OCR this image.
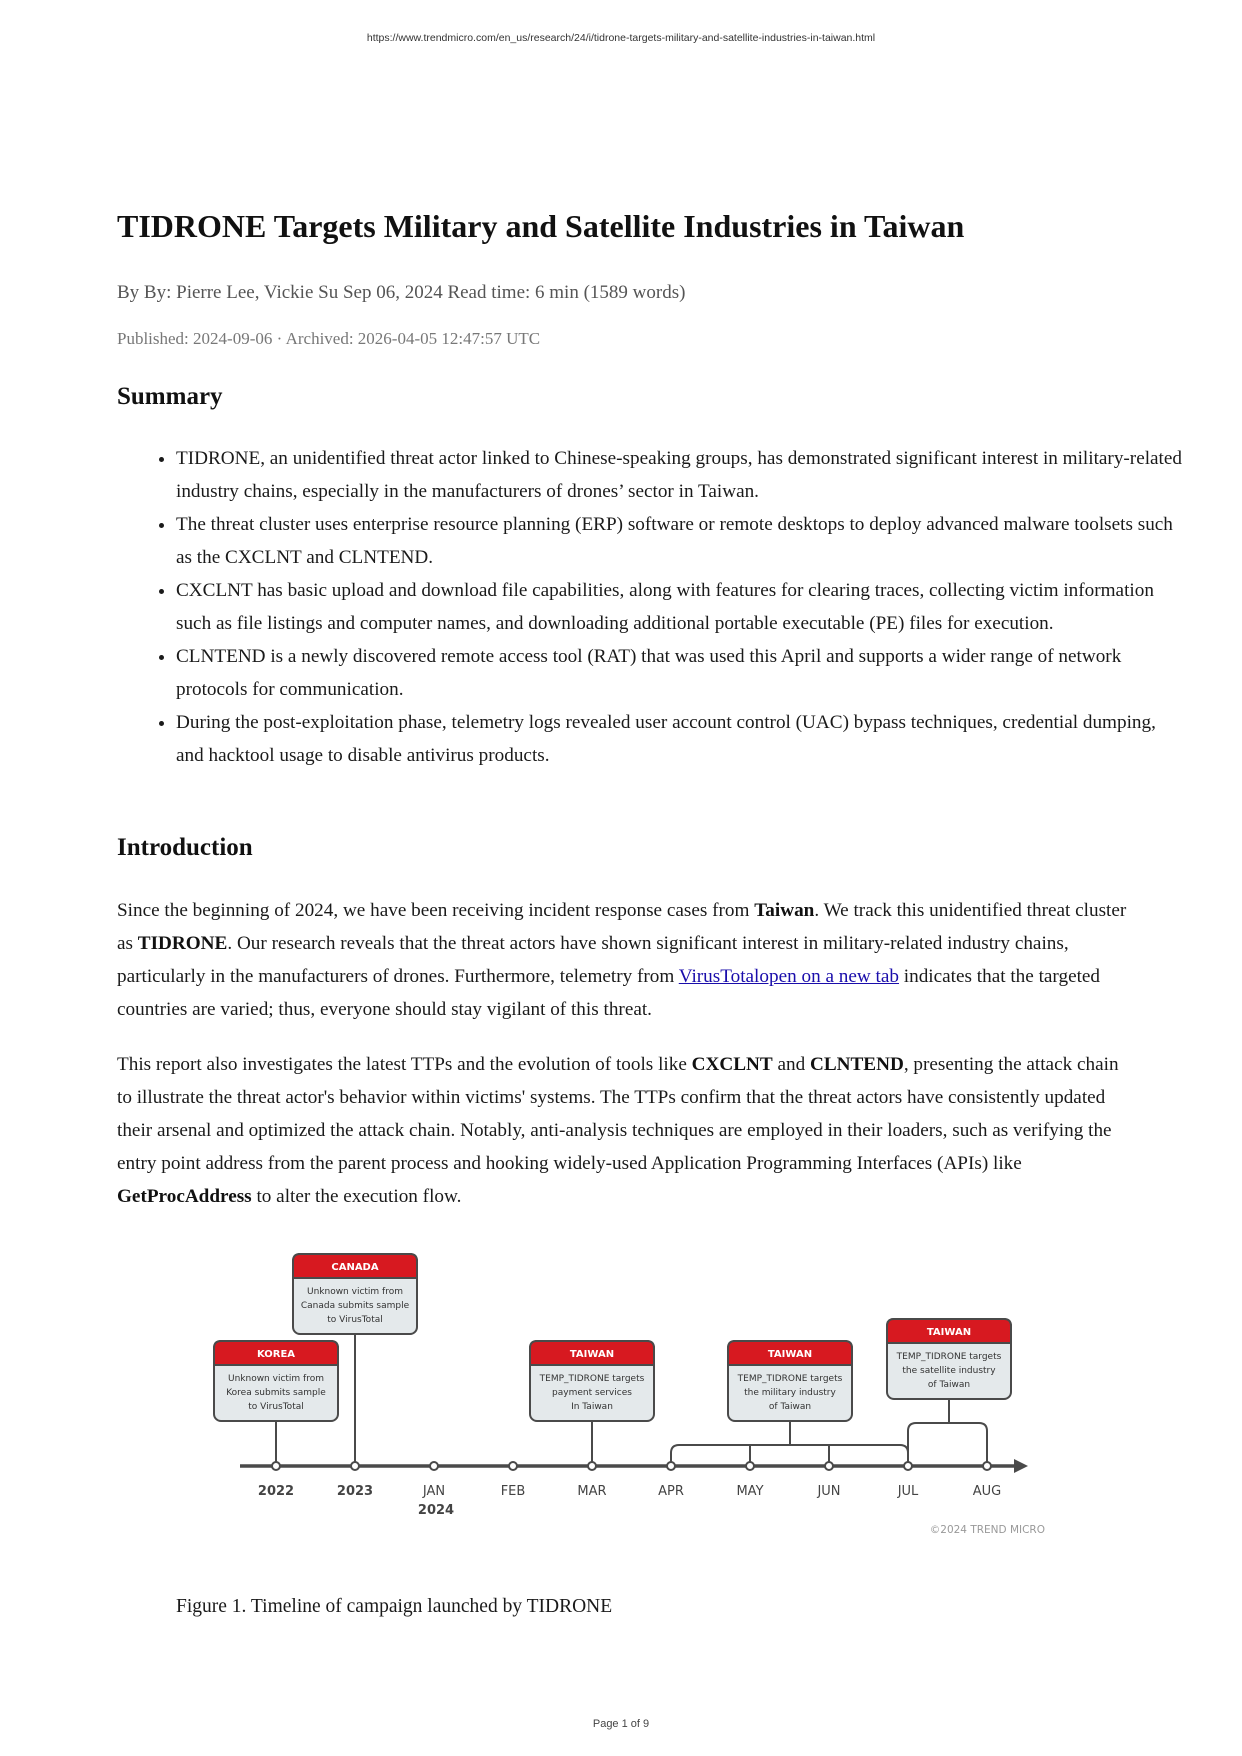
https://www.trendmicro.com/en_us/research/24/i/tidrone-targets-military-and-satellite-industries-in-taiwan.html
TIDRONE Targets Military and Satellite Industries in Taiwan
By By: Pierre Lee, Vickie Su Sep 06, 2024 Read time: 6 min (1589 words)
Published: 2024-09-06 · Archived: 2026-04-05 12:47:57 UTC
Summary
• TIDRONE, an unidentified threat actor linked to Chinese-speaking groups, has demonstrated significant interest in military-related industry chains, especially in the manufacturers of drones’ sector in Taiwan.
• The threat cluster uses enterprise resource planning (ERP) software or remote desktops to deploy advanced malware toolsets such as the CXCLNT and CLNTEND.
• CXCLNT has basic upload and download file capabilities, along with features for clearing traces, collecting victim information such as file listings and computer names, and downloading additional portable executable (PE) files for execution.
• CLNTEND is a newly discovered remote access tool (RAT) that was used this April and supports a wider range of network protocols for communication.
• During the post-exploitation phase, telemetry logs revealed user account control (UAC) bypass techniques, credential dumping, and hacktool usage to disable antivirus products.
Introduction

Since the beginning of 2024, we have been receiving incident response cases from Taiwan. We track this unidentified threat cluster as TIDRONE. Our research reveals that the threat actors have shown significant interest in military-related industry chains, particularly in the manufacturers of drones. Furthermore, telemetry from VirusTotalopen on a new tab indicates that the targeted countries are varied; thus, everyone should stay vigilant of this threat.

This report also investigates the latest TTPs and the evolution of tools like CXCLNT and CLNTEND, presenting the attack chain to illustrate the threat actor's behavior within victims' systems. The TTPs confirm that the threat actors have consistently updated their arsenal and optimized the attack chain. Notably, anti-analysis techniques are employed in their loaders, such as verifying the entry point address from the parent process and hooking widely-used Application Programming Interfaces (APIs) like GetProcAddress to alter the execution flow.

KOREA
Unknown victim from
Korea submits sample
to VirusTotal
CANADA
Unknown victim from
Canada submits sample
to VirusTotal
TAIWAN
TEMP_TIDRONE targets
payment services
In Taiwan
TAIWAN
TEMP_TIDRONE targets
the military industry
of Taiwan
TAIWAN
TEMP_TIDRONE targets
the satellite industry
of Taiwan
2022	2023	JAN
2024
FEB	MAR	APR	MAY	JUN	JUL	AUG
©2024 TREND MICRO
Figure 1. Timeline of campaign launched by TIDRONE
Page 1 of 9
